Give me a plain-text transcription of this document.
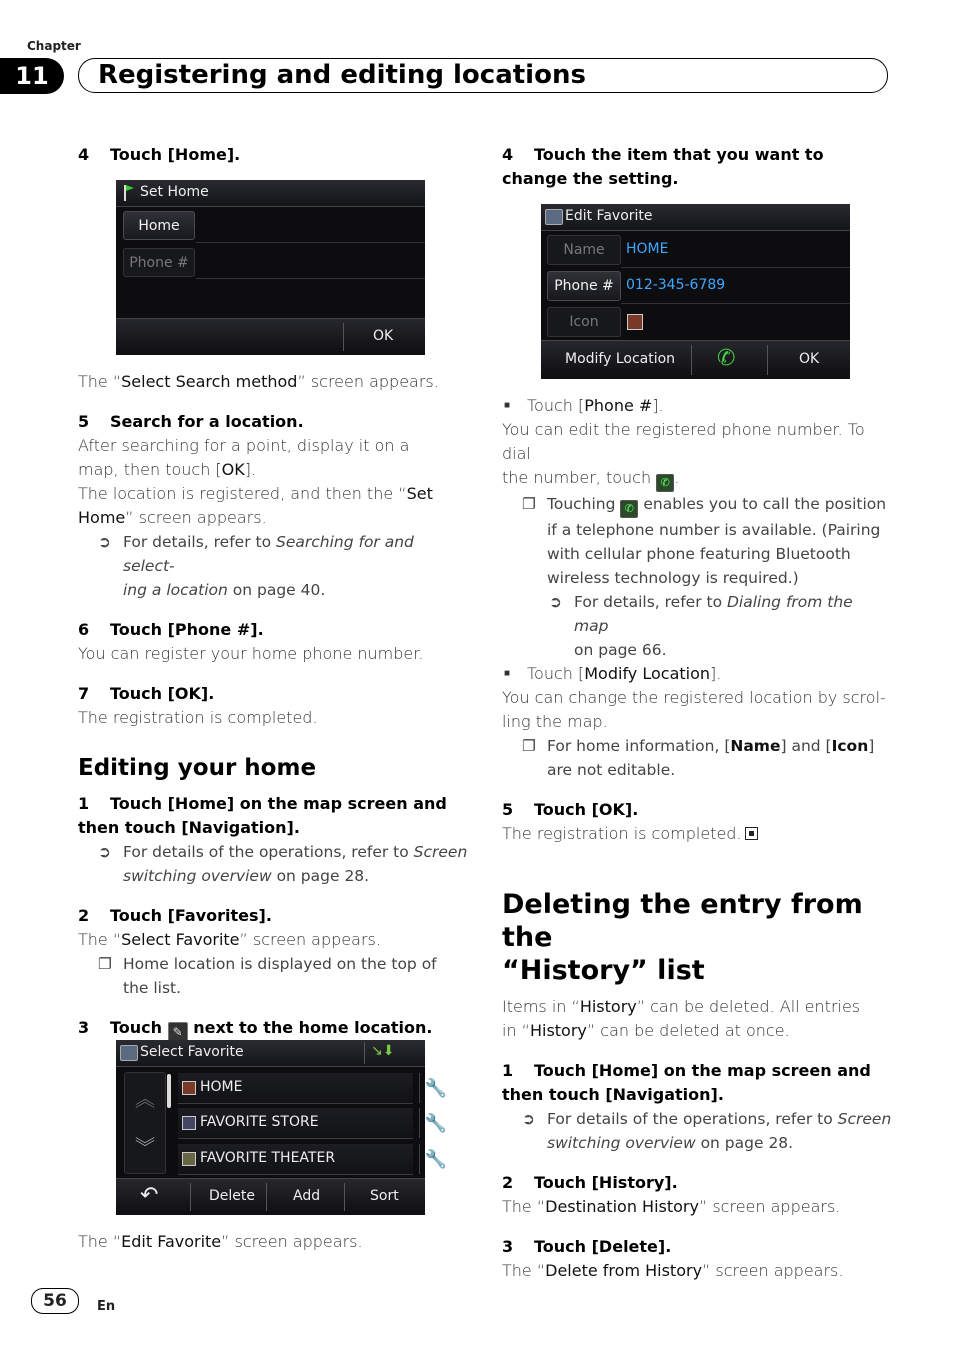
Chapter
11	Registering and editing locations

4 Touch [Home].

Set Home
Home
Phone #
OK

The “Select Search method” screen appears.

5 Search for a location.

After searching for a point, display it on a

map, then touch [OK].

The location is registered, and then the “Set

Home” screen appears.

➲ For details, refer to Searching for and select-
ing a location on page 40.

6 Touch [Phone #].

You can register your home phone number.

7 Touch [OK].

The registration is completed.

Editing your home

1 Touch [Home] on the map screen and

then touch [Navigation].

➲ For details of the operations, refer to Screen
switching overview on page 28.

2 Touch [Favorites].

The “Select Favorite” screen appears.

❐ Home location is displayed on the top of
the list.

3 Touch ✎ next to the home location.

Select Favorite	↘⬇
︽
︾
HOME	🔧
FAVORITE STORE	🔧
FAVORITE THEATER	🔧
↶	Delete	Add	Sort

The “Edit Favorite” screen appears.

4 Touch the item that you want to

change the setting.

Edit Favorite
Name	HOME
Phone # 012-345-6789
Icon
Modify Location ✆	OK

■ Touch [Phone #].

You can edit the registered phone number. To dial

the number, touch ✆ .

❐ Touching ✆ enables you to call the position
if a telephone number is available. (Pairing
with cellular phone featuring Bluetooth
wireless technology is required.)

➲ For details, refer to Dialing from the map
on page 66.

■ Touch [Modify Location].

You can change the registered location by scrol-

ling the map.

❐ For home information, [Name] and [Icon]
are not editable.

5 Touch [OK].

The registration is completed.

Deleting the entry from the
“History” list

Items in “History” can be deleted. All entries

in “History” can be deleted at once.

1 Touch [Home] on the map screen and

then touch [Navigation].

➲ For details of the operations, refer to Screen
switching overview on page 28.

2 Touch [History].

The “Destination History” screen appears.

3 Touch [Delete].

The “Delete from History” screen appears.

56	En
